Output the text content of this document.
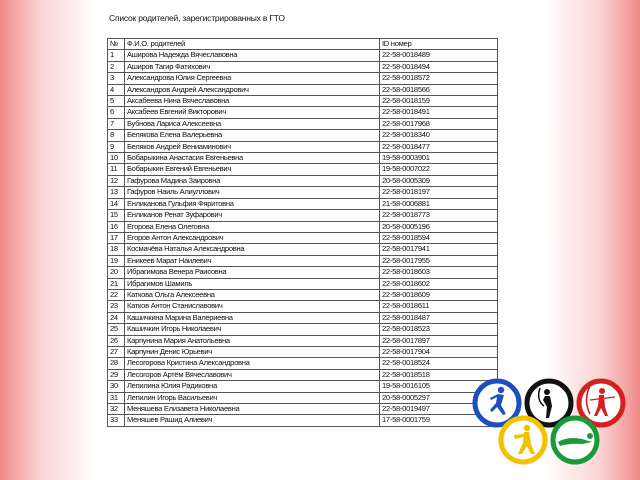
Список родителей, зарегистрированных в ГТО
№	Ф.И.О. родителей	ID номер
1	Аширова Надежда Вячеславовна	22-58-0018489
2	Аширов Тагир Фатихович	22-58-0018494
3	Александрова Юлия Сергеевна	22-58-0018572
4	Александров Андрей Александрович	22-58-0018566
5	Аксабеева Нина Вячеславовна	22-58-0018159
6	Аксабеев Евгений Викторович	22-58-0018491
7	Бубнова Лариса Алексеевна	22-58-0017968
8	Белякова Елена Валерьевна	22-58-0018340
9	Беляков Андрей Вениаминович	22-58-0018477
10	Бобарыкина Анастасия Евгеньевна	19-58-0003901
11	Бобарыкин Евгений Евгеньевич	19-58-0007022
12	Гафурова Мадина Заировна	20-58-0005309
13	Гафуров Наиль Алиуллович	22-58-0018197
14	Енликанова Гульфия Фяритовна	21-58-0006881
15	Енликанов Ренат Зуфарович	22-58-0018773
16	Егорова Елена Олеговна	20-58-0005196
17	Егоров Антон Александрович	22-58-0018594
18	Космачёва Наталья Александровна	22-58-0017941
19	Еникеев Марат Наилевич	22-58-0017955
20	Ибрагимова Венера Раисовна	22-58-0018603
21	Ибрагимов Шамиль	22-58-0018602
22	Каткова Ольга Алексеевна	22-58-0018609
23	Катков Антон Станиславович	22-58-0018611
24	Кашичкина Марина Валериевна	22-58-0018487
25	Кашичкин Игорь Николаевич	22-58-0018523
26	Карпунина Мария Анатольевна	22-58-0017897
27	Карпунин Денис Юрьевич	22-58-0017904
28	Лесогорова Кристина Александровна	22-58-0018524
29	Лесогоров Артём Вячеславович	22-58-0018518
30	Лепилина Юлия Радиковна	19-58-0016105
31	Лепилин Игорь Васильевич	20-58-0005297
32	Меняшева Елизавета Николаевна	22-58-0019497
33	Меняшев Рашид Алиевич	17-58-0001759
